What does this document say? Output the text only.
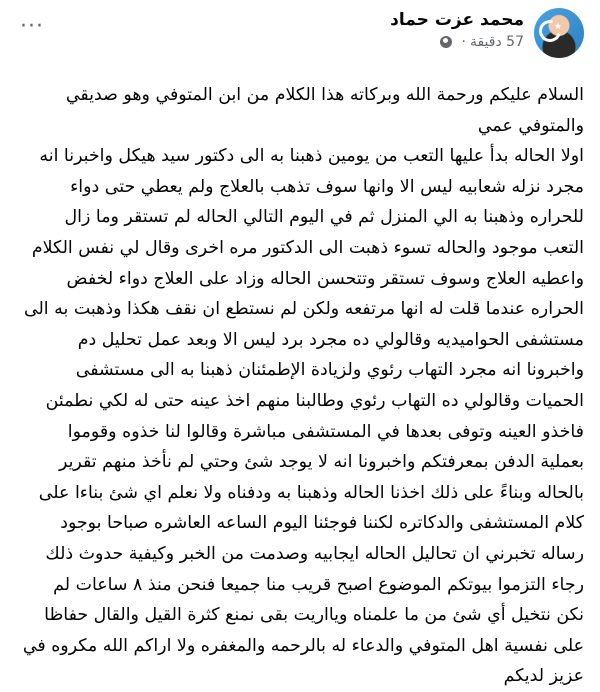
★
محمد عزت حماد
57 دقيقة
·
···

السلام عليكم ورحمة الله وبركاته هذا الكلام من ابن المتوفي وهو صديقي والمتوفي عمي

اولا الحاله بدأ عليها التعب من يومين ذهبنا به الى دكتور سيد هيكل واخبرنا انه مجرد نزله شعابيه ليس الا وانها سوف تذهب بالعلاج ولم يعطي حتى دواء للحراره وذهبنا به الي المنزل ثم في اليوم التالي الحاله لم تستقر وما زال التعب موجود والحاله تسوء ذهبت الى الدكتور مره اخرى وقال لي نفس الكلام واعطيه العلاج وسوف تستقر وتتحسن الحاله وزاد على العلاج دواء لخفض الحراره عندما قلت له انها مرتفعه ولكن لم نستطع ان نقف هكذا وذهبت به الى مستشفى الحواميديه وقالولي ده مجرد برد ليس الا وبعد عمل تحليل دم واخبرونا انه مجرد التهاب رئوي ولزيادة الإطمئنان ذهبنا به الى مستشفى الحميات وقالولي ده التهاب رئوي وطالبنا منهم اخذ عينه حتى له لكي نطمئن فاخذو العينه وتوفى بعدها في المستشفى مباشرة وقالوا لنا خذوه وقوموا بعملية الدفن بمعرفتكم واخبرونا انه لا يوجد شئ وحتي لم نأخذ منهم تقرير بالحاله وبناءً على ذلك اخذنا الحاله وذهبنا به ودفناه ولا نعلم اي شئ بناءا على كلام المستشفى والدكاتره لكننا فوجئنا اليوم الساعه العاشره صباحا بوجود رساله تخبرني ان تحاليل الحاله ايجابيه وصدمت من الخبر وكيفية حدوث ذلك

رجاء التزموا بيوتكم الموضوع اصبح قريب منا جميعا فنحن منذ ٨ ساعات لم نكن نتخيل أي شئ من ما علمناه ويااريت بقى نمنع كثرة القيل والقال حفاظا على نفسية اهل المتوفي والدعاء له بالرحمه والمغفره ولا اراكم الله مكروه في عزيز لديكم
